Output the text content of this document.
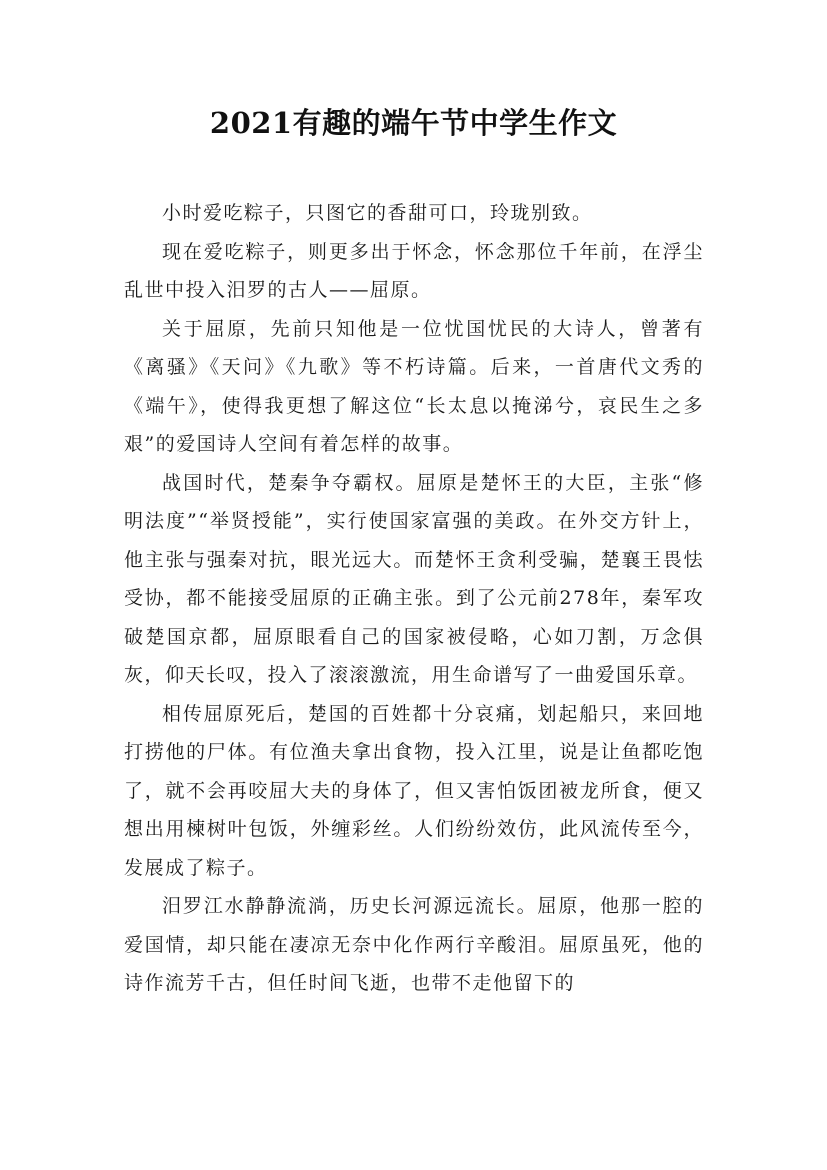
2021有趣的端午节中学生作文

小时爱吃粽子，只图它的香甜可口，玲珑别致。

现在爱吃粽子，则更多出于怀念，怀念那位千年前，在浮尘乱世中投入汨罗的古人——屈原。

关于屈原，先前只知他是一位忧国忧民的大诗人，曾著有《离骚》《天问》《九歌》等不朽诗篇。后来，一首唐代文秀的《端午》，使得我更想了解这位“长太息以掩涕兮，哀民生之多艰”的爱国诗人空间有着怎样的故事。

战国时代，楚秦争夺霸权。屈原是楚怀王的大臣，主张“修明法度”“举贤授能”，实行使国家富强的美政。在外交方针上，他主张与强秦对抗，眼光远大。而楚怀王贪利受骗，楚襄王畏怯受协，都不能接受屈原的正确主张。到了公元前278年，秦军攻破楚国京都，屈原眼看自己的国家被侵略，心如刀割，万念俱灰，仰天长叹，投入了滚滚激流，用生命谱写了一曲爱国乐章。

相传屈原死后，楚国的百姓都十分哀痛，划起船只，来回地打捞他的尸体。有位渔夫拿出食物，投入江里，说是让鱼都吃饱了，就不会再咬屈大夫的身体了，但又害怕饭团被龙所食，便又想出用楝树叶包饭，外缠彩丝。人们纷纷效仿，此风流传至今，发展成了粽子。

汨罗江水静静流淌，历史长河源远流长。屈原，他那一腔的爱国情，却只能在凄凉无奈中化作两行辛酸泪。屈原虽死，他的诗作流芳千古，但任时间飞逝，也带不走他留下的
